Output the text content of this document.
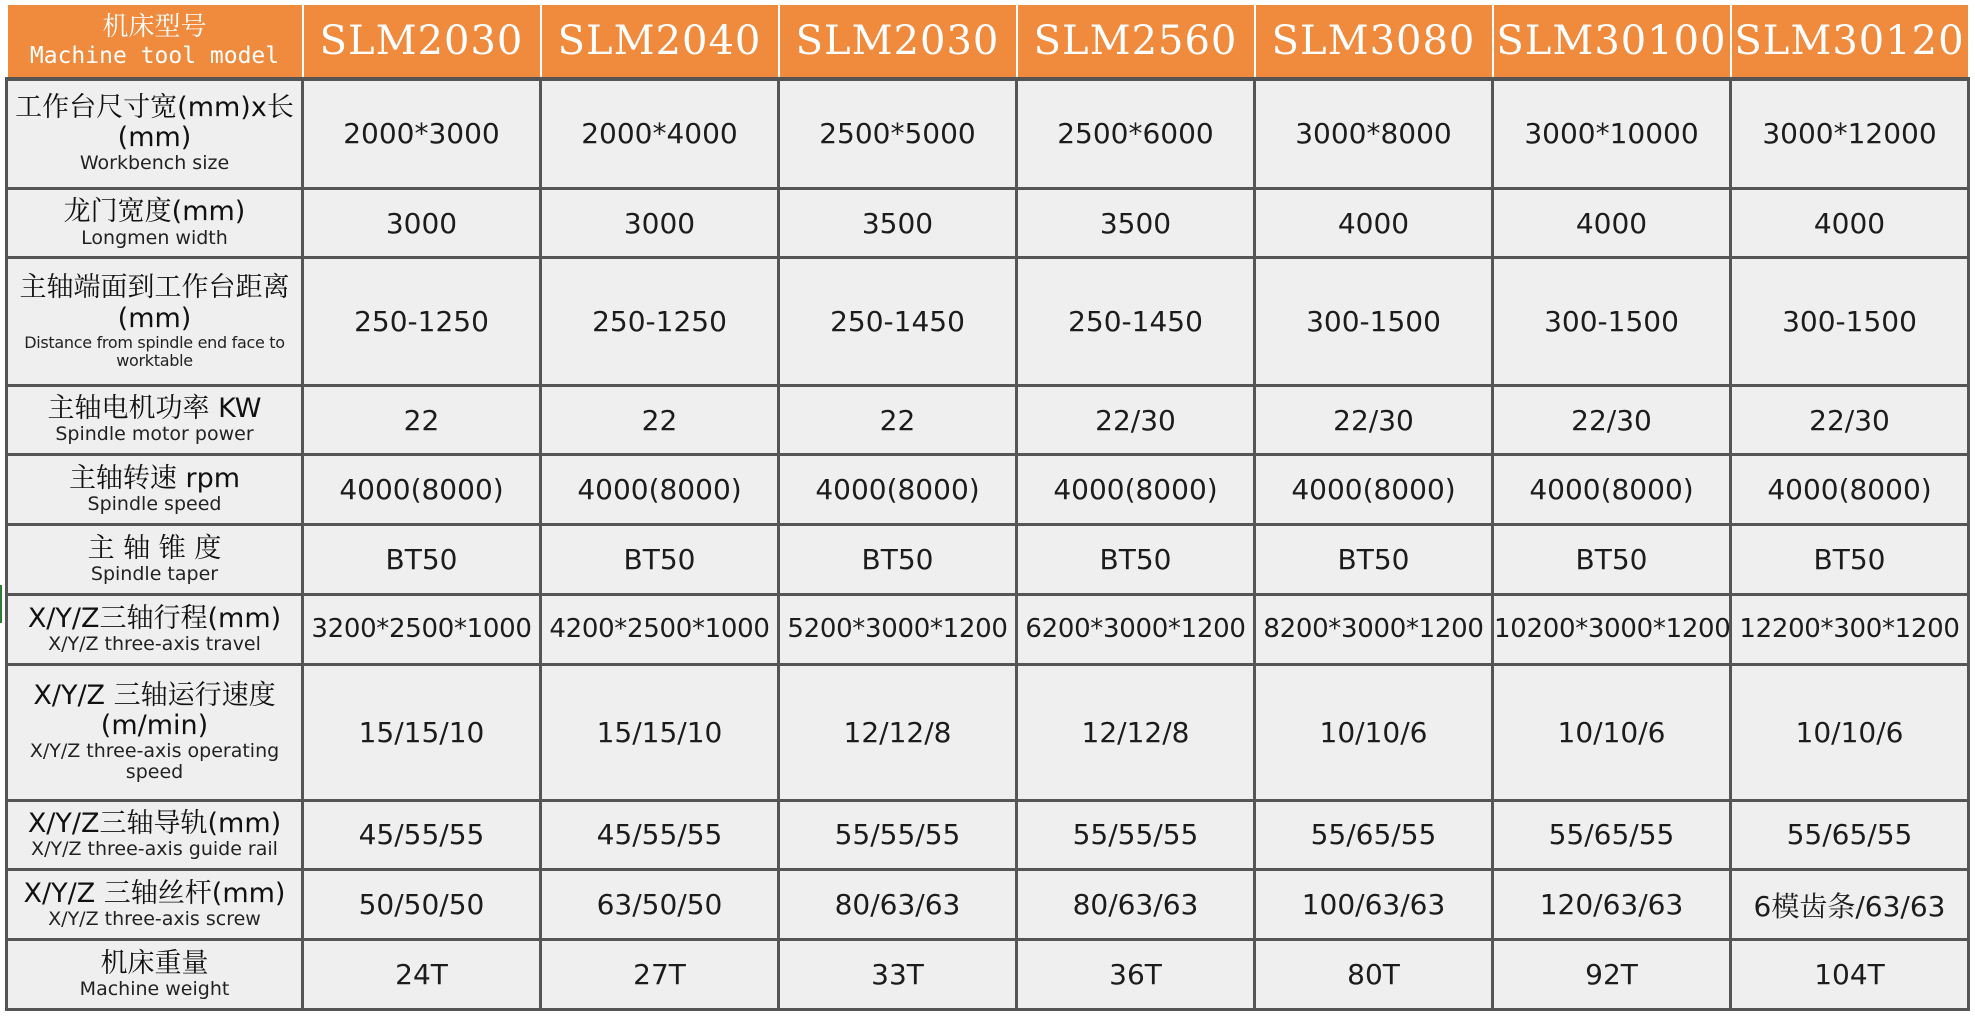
机床型号
Machine tool model	SLM2030	SLM2040	SLM2030	SLM2560	SLM3080	SLM30100	SLM30120

工作台尺寸宽(mm)x长(mm)
Workbench size	2000*3000	2000*4000	2500*5000	2500*6000	3000*8000	3000*10000	3000*12000

龙门宽度(mm)
Longmen width	3000	3000	3500	3500	4000	4000	4000

主轴端面到工作台距离(mm)
Distance from spindle end face to worktable	250-1250	250-1250	250-1450	250-1450	300-1500	300-1500	300-1500

主轴电机功率 KW
Spindle motor power	22	22	22	22/30	22/30	22/30	22/30

主轴转速 rpm
Spindle speed	4000(8000)	4000(8000)	4000(8000)	4000(8000)	4000(8000)	4000(8000)	4000(8000)

主 轴 锥 度
Spindle taper	BT50	BT50	BT50	BT50	BT50	BT50	BT50

X/Y/Z三轴行程(mm)
X/Y/Z three-axis travel	3200*2500*1000	4200*2500*1000	5200*3000*1200	6200*3000*1200	8200*3000*1200	10200*3000*1200	12200*300*1200

X/Y/Z 三轴运行速度(m/min)
X/Y/Z three-axis operating speed	15/15/10	15/15/10	12/12/8	12/12/8	10/10/6	10/10/6	10/10/6

X/Y/Z三轴导轨(mm)
X/Y/Z three-axis guide rail	45/55/55	45/55/55	55/55/55	55/55/55	55/65/55	55/65/55	55/65/55

X/Y/Z 三轴丝杆(mm)
X/Y/Z three-axis screw	50/50/50	63/50/50	80/63/63	80/63/63	100/63/63	120/63/63	6模齿条/63/63

机床重量
Machine weight	24T	27T	33T	36T	80T	92T	104T
